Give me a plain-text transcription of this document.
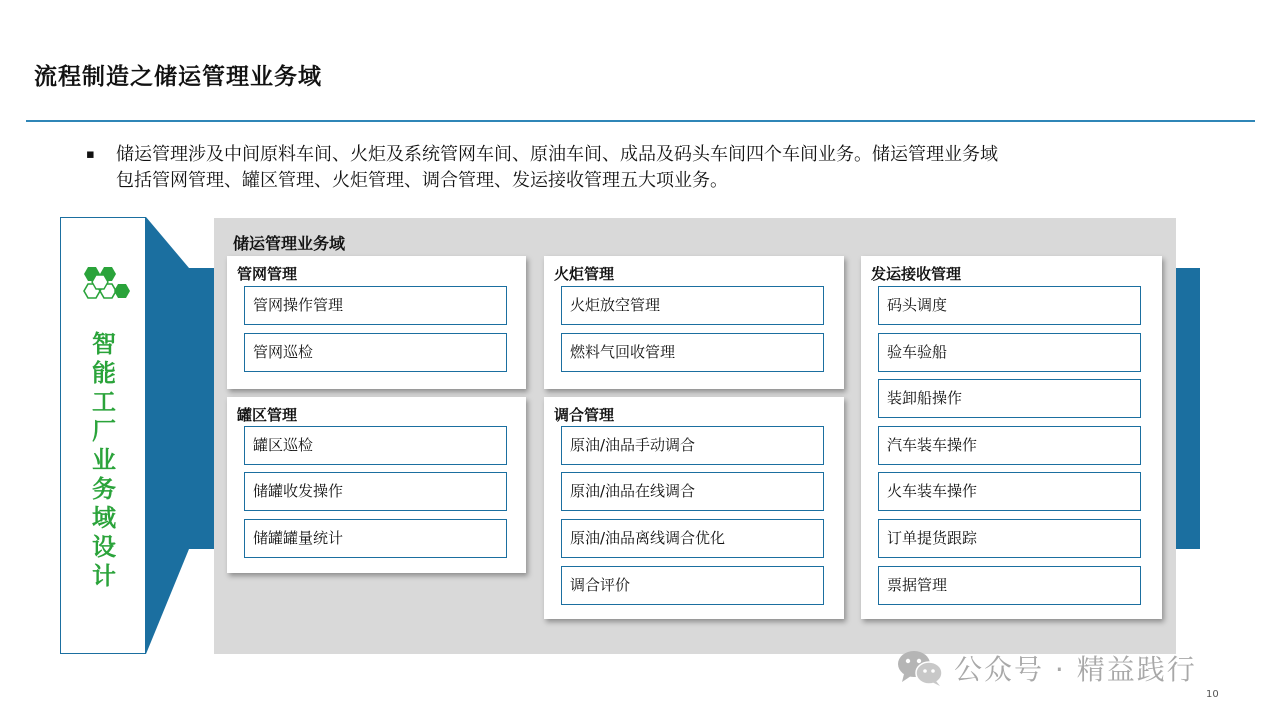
流程制造之储运管理业务域
▪	储运管理涉及中间原料车间、火炬及系统管网车间、原油车间、成品及码头车间四个车间业务。储运管理业务域
包括管网管理、罐区管理、火炬管理、调合管理、发运接收管理五大项业务。
智能工厂业务域设计
储运管理业务域
管网管理
管网操作管理
管网巡检
罐区管理
罐区巡检
储罐收发操作
储罐罐量统计
火炬管理
火炬放空管理
燃料气回收管理
调合管理
原油/油品手动调合
原油/油品在线调合
原油/油品离线调合优化
调合评价
发运接收管理
码头调度
验车验船
装卸船操作
汽车装车操作
火车装车操作
订单提货跟踪
票据管理
公众号 · 精益践行
10
